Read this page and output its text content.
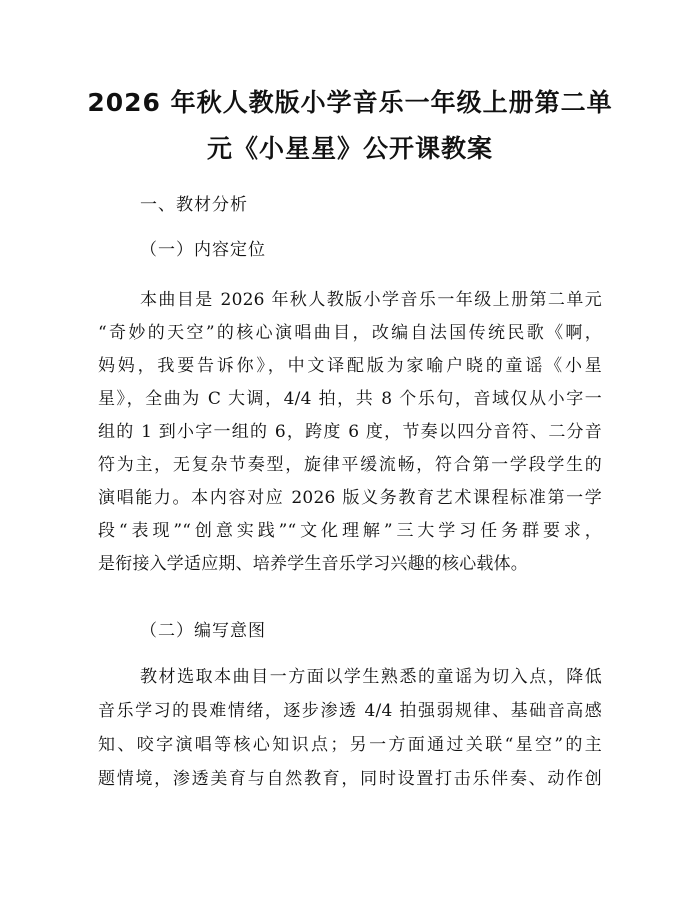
2026 年秋人教版小学音乐一年级上册第二单
元《小星星》公开课教案
一、教材分析
（一）内容定位
本曲目是 2026 年秋人教版小学音乐一年级上册第二单元
“奇妙的天空”的核心演唱曲目，改编自法国传统民歌《啊，
妈妈，我要告诉你》，中文译配版为家喻户晓的童谣《小星
星》，全曲为 C 大调，4/4 拍，共 8 个乐句，音域仅从小字一
组的 1 到小字一组的 6，跨度 6 度，节奏以四分音符、二分音
符为主，无复杂节奏型，旋律平缓流畅，符合第一学段学生的
演唱能力。本内容对应 2026 版义务教育艺术课程标准第一学
段“表现”“创意实践”“文化理解”三大学习任务群要求，
是衔接入学适应期、培养学生音乐学习兴趣的核心载体。
（二）编写意图
教材选取本曲目一方面以学生熟悉的童谣为切入点，降低
音乐学习的畏难情绪，逐步渗透 4/4 拍强弱规律、基础音高感
知、咬字演唱等核心知识点；另一方面通过关联“星空”的主
题情境，渗透美育与自然教育，同时设置打击乐伴奏、动作创
